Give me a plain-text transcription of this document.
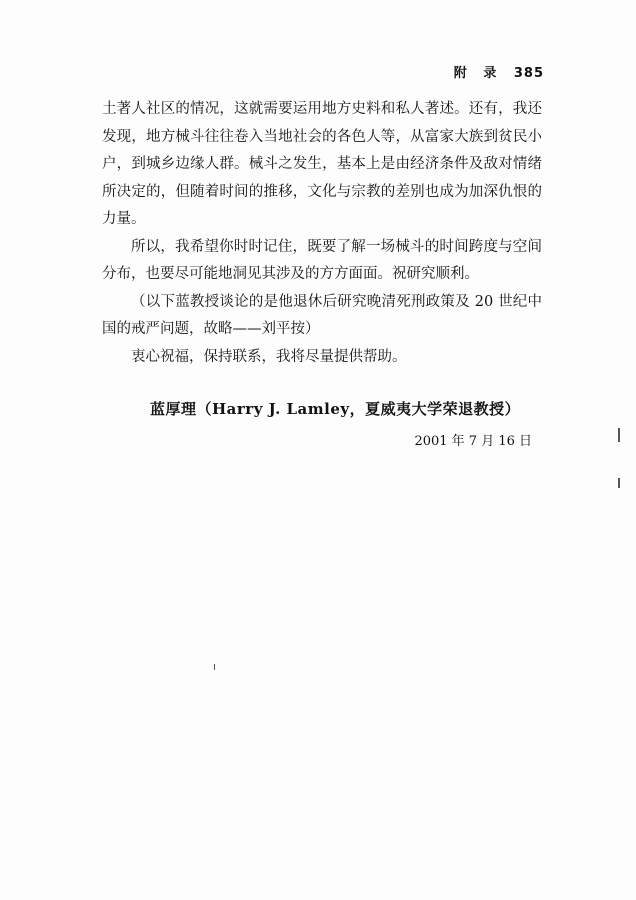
附 录 385

土著人社区的情况，这就需要运用地方史料和私人著述。还有，我还发现，地方械斗往往卷入当地社会的各色人等，从富家大族到贫民小户，到城乡边缘人群。械斗之发生，基本上是由经济条件及敌对情绪所决定的，但随着时间的推移，文化与宗教的差别也成为加深仇恨的力量。

所以，我希望你时时记住，既要了解一场械斗的时间跨度与空间分布，也要尽可能地洞见其涉及的方方面面。祝研究顺利。

（以下蓝教授谈论的是他退休后研究晚清死刑政策及 20 世纪中国的戒严问题，故略——刘平按）

衷心祝福，保持联系，我将尽量提供帮助。

蓝厚理（Harry J. Lamley，夏威夷大学荣退教授）
2001 年 7 月 16 日
